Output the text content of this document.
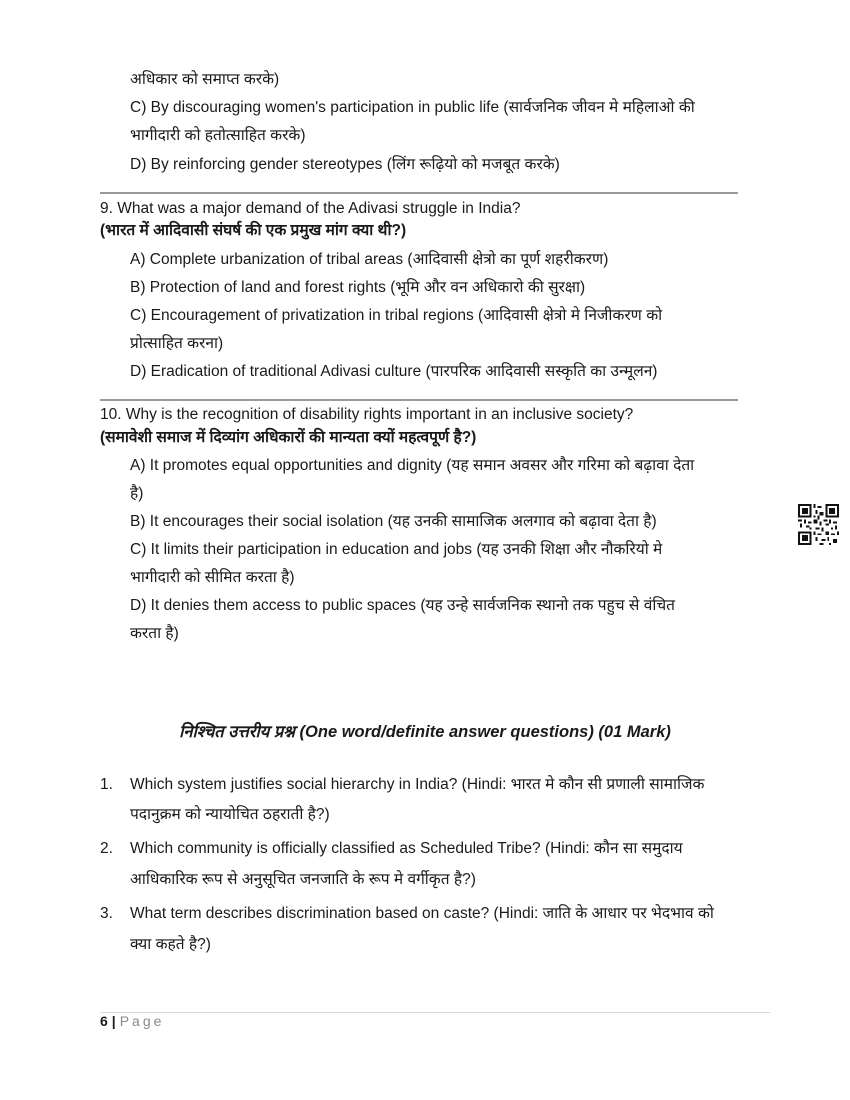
अधिकार को समाप्त करके)
C) By discouraging women's participation in public life (सार्वजनिक जीवन मे महिलाओ की
भागीदारी को हतोत्साहित करके)
D) By reinforcing gender stereotypes (लिंग रूढ़ियो को मजबूत करके)
9. What was a major demand of the Adivasi struggle in India?
(भारत में आदिवासी संघर्ष की एक प्रमुख मांग क्या थी?)
A) Complete urbanization of tribal areas (आदिवासी क्षेत्रो का पूर्ण शहरीकरण)
B) Protection of land and forest rights (भूमि और वन अधिकारो की सुरक्षा)
C) Encouragement of privatization in tribal regions (आदिवासी क्षेत्रो मे निजीकरण को
प्रोत्साहित करना)
D) Eradication of traditional Adivasi culture (पारपरिक आदिवासी सस्कृति का उन्मूलन)
10. Why is the recognition of disability rights important in an inclusive society?
(समावेशी समाज में दिव्यांग अधिकारों की मान्यता क्यों महत्वपूर्ण है?)
A) It promotes equal opportunities and dignity (यह समान अवसर और गरिमा को बढ़ावा देता
है)
B) It encourages their social isolation (यह उनकी सामाजिक अलगाव को बढ़ावा देता है)
C) It limits their participation in education and jobs (यह उनकी शिक्षा और नौकरियो मे
भागीदारी को सीमित करता है)
D) It denies them access to public spaces (यह उन्हे सार्वजनिक स्थानो तक पहुच से वंचित
करता है)
निश्चित उत्तरीय प्रश्न (One word/definite answer questions) (01 Mark)
1. Which system justifies social hierarchy in India? (Hindi: भारत मे कौन सी प्रणाली सामाजिक
पदानुक्रम को न्यायोचित ठहराती है?)
2. Which community is officially classified as Scheduled Tribe? (Hindi: कौन सा समुदाय
आधिकारिक रूप से अनुसूचित जनजाति के रूप मे वर्गीकृत है?)
3. What term describes discrimination based on caste? (Hindi: जाति के आधार पर भेदभाव को
क्या कहते है?)
6 | Page
